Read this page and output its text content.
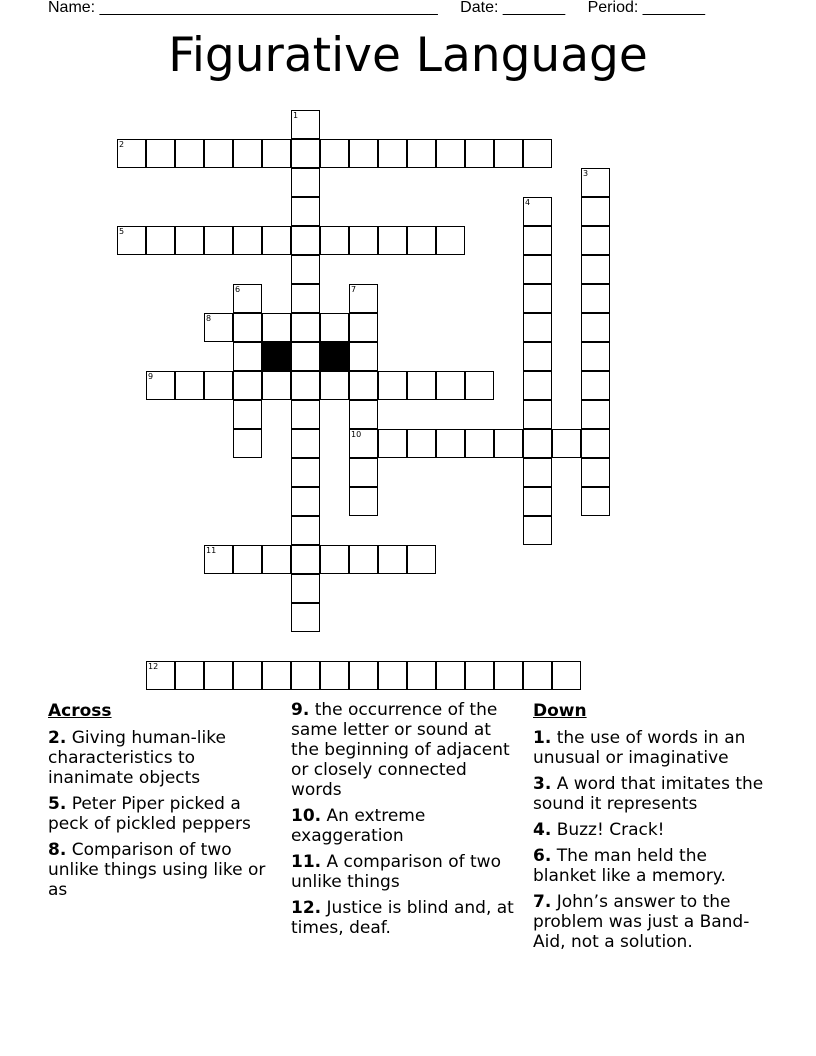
Name: ______________________________________ Date: _______ Period: _______
Figurative Language
1
2
3
4
5
6	7
10
8
9
11
12
Across
2. Giving human-like characteristics to inanimate objects
5. Peter Piper picked a peck of pickled peppers
8. Comparison of two unlike things using like or as
9. the occurrence of the same letter or sound at the beginning of adjacent or closely connected words
10. An extreme exaggeration
11. A comparison of two unlike things
12. Justice is blind and, at times, deaf.
Down
1. the use of words in an unusual or imaginative
3. A word that imitates the sound it represents
4. Buzz! Crack!
6. The man held the blanket like a memory.
7. John’s answer to the problem was just a Band-Aid, not a solution.
